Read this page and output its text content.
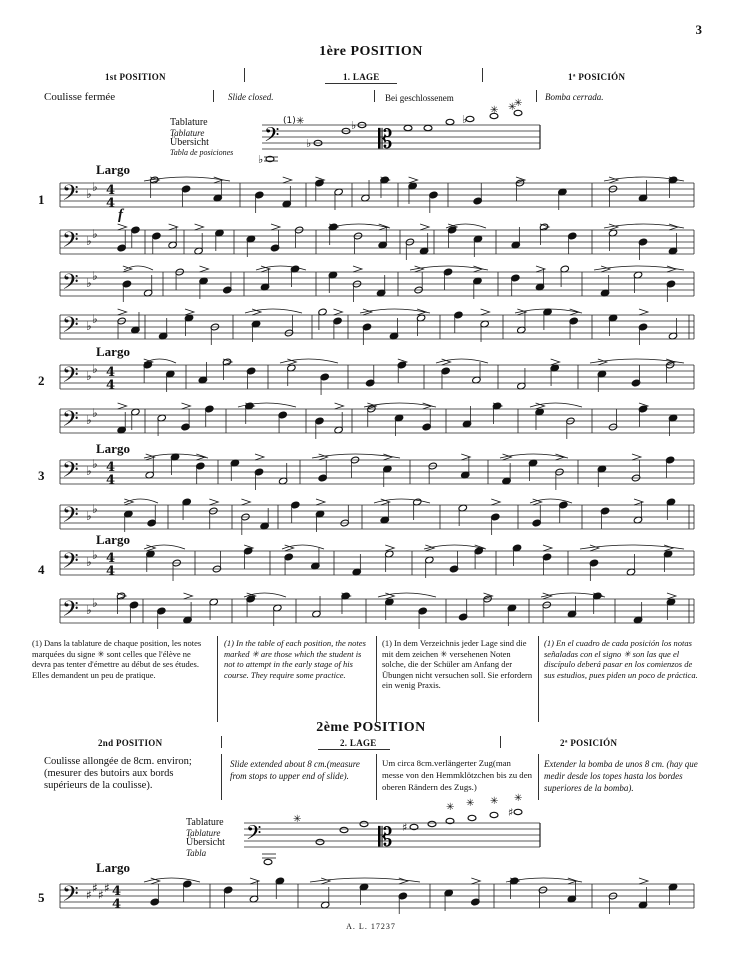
3
1ère POSITION
1st POSITION	1. LAGE	1ª POSICIÓN
Coulisse fermée	Slide closed.	Bei geschlossenem	Bomba cerrada.
Tablature
Tablature
Übersicht
Tabla de posiciones
𝄢	𝄡
(1) ✳
✳ ✳
✳
♭
♭
♭	♭
Largo
1
f
Largo
2
Largo
3
Largo
4
Largo
5
𝄢 ♭ ♭ 4
4
𝄢 ♭ ♭
𝄢 ♭ ♭
𝄢 ♭ ♭
𝄢 ♭ ♭ 4
4
𝄢 ♭ ♭
𝄢 ♭ ♭ 4
4
𝄢 ♭ ♭
𝄢 ♭ ♭ 4
4
𝄢 ♭ ♭
𝄢 ♯ ♯ ♯ ♯ 4
4
(1) Dans la tablature de chaque position, les notes marquées du signe ✳ sont celles que l'élève ne devra pas tenter d'émettre au début de ses études. Elles demandent un peu de pratique.
(1) In the table of each position, the notes marked ✳ are those which the student is not to attempt in the early stage of his course. They require some practice.
(1) In dem Verzeichnis jeder Lage sind die mit dem zeichen ✳ versehenen Noten solche, die der Schüler am Anfang der Übungen nicht versuchen soll. Sie erfordern ein wenig Praxis.
(1) En el cuadro de cada posición los notas señaladas con el signo ✳ son las que el discípulo deberá pasar en los comienzos de sus estudios, pues piden un poco de práctica.
2ème POSITION
2nd POSITION	2. LAGE	2ª POSICIÓN
Coulisse allongée de 8cm. environ; (mesurer des butoirs aux bords supérieurs de la coulisse).
Slide extended about 8 cm.(measure from stops to upper end of slide).
Um circa 8cm.verlängerter Zug(man messe von den Hemmklötzchen bis zu den oberen Rändern des Zugs.)
Extender la bomba de unos 8 cm. (hay que medir desde los topes hasta los bordes superiores de la bomba).
Tablature
Tablature
Übersicht
Tabla
𝄢	𝄡
✳
✳ ✳ ✳ ✳
♯
♯
A. L. 17237
